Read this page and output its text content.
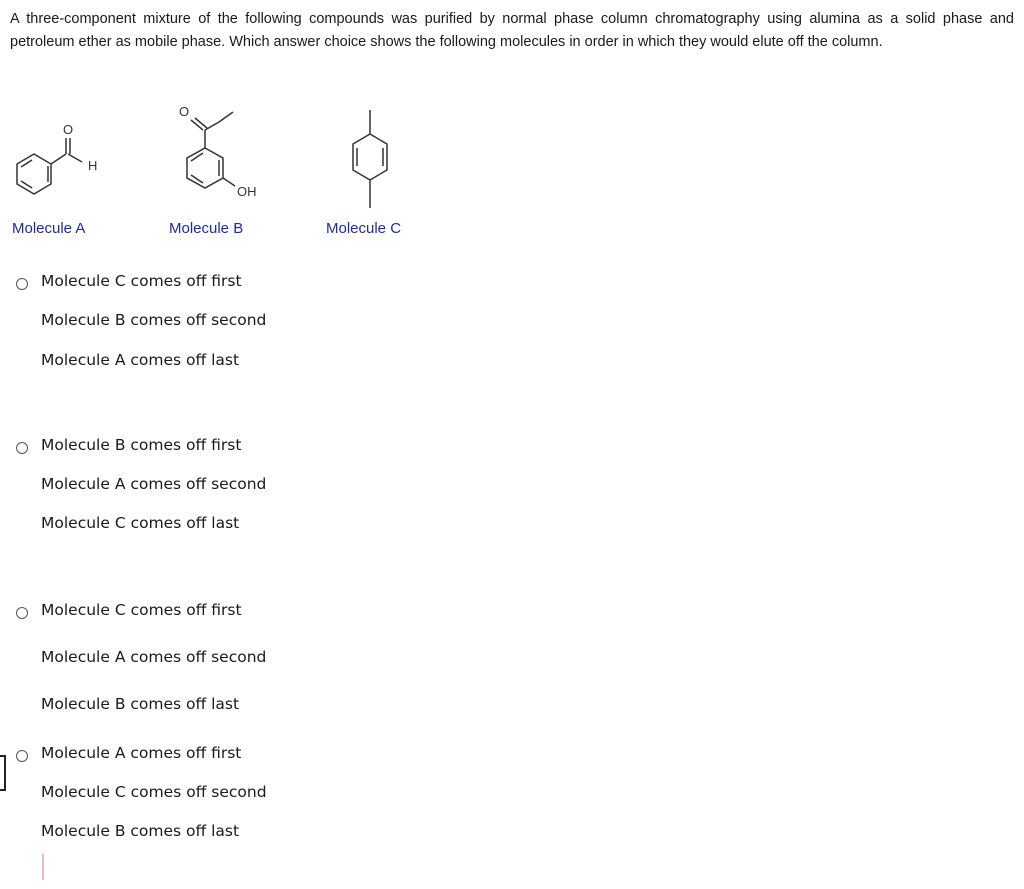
A three-component mixture of the following compounds was purified by normal phase column chromatography using alumina as a solid phase and petroleum ether as mobile phase. Which answer choice shows the following molecules in order in which they would elute off the column.
O
H
Molecule A
O
OH
Molecule B	Molecule C
Molecule C comes off first
Molecule B comes off second
Molecule A comes off last
Molecule B comes off first
Molecule A comes off second
Molecule C comes off last
Molecule C comes off first
Molecule A comes off second
Molecule B comes off last
Molecule A comes off first
Molecule C comes off second
Molecule B comes off last
